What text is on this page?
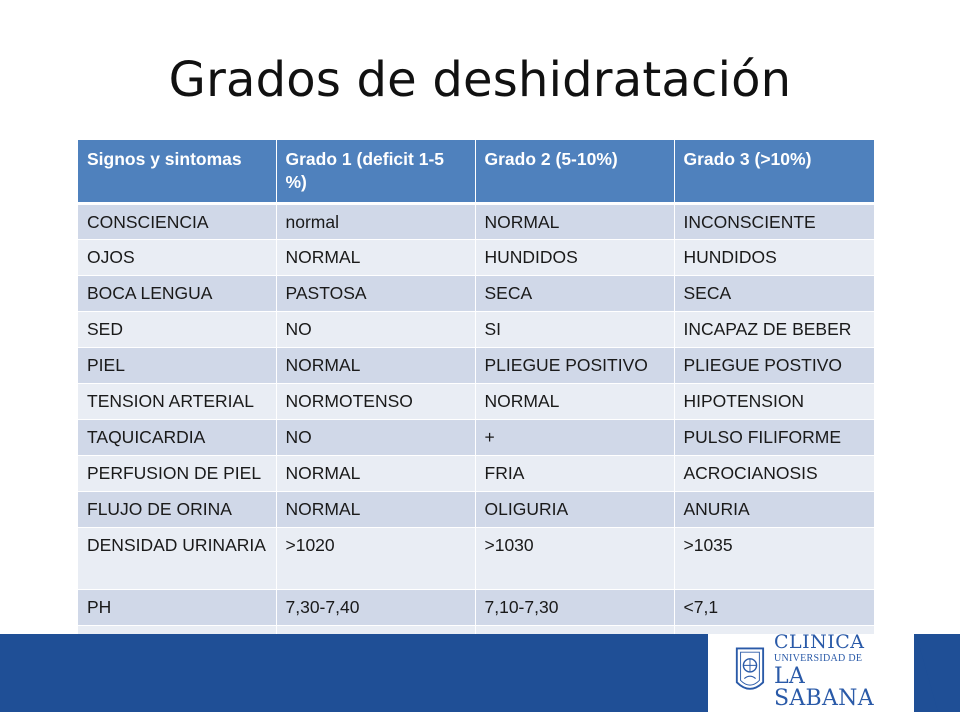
Grados de deshidratación
Signos y sintomas	Grado 1 (deficit 1-5 %)	Grado 2 (5-10%)	Grado 3 (>10%)
CONSCIENCIA	normal	NORMAL	INCONSCIENTE
OJOS	NORMAL	HUNDIDOS	HUNDIDOS
BOCA LENGUA	PASTOSA	SECA	SECA
SED	NO	SI	INCAPAZ DE BEBER
PIEL	NORMAL	PLIEGUE POSITIVO	PLIEGUE POSTIVO
TENSION ARTERIAL	NORMOTENSO	NORMAL	HIPOTENSION
TAQUICARDIA	NO	+	PULSO FILIFORME
PERFUSION DE PIEL	NORMAL	FRIA	ACROCIANOSIS
FLUJO DE ORINA	NORMAL	OLIGURIA	ANURIA
DENSIDAD URINARIA	>1020	>1030	>1035
PH	7,30-7,40	7,10-7,30	<7,1

CLINICA
UNIVERSIDAD DE
LA SABANA
